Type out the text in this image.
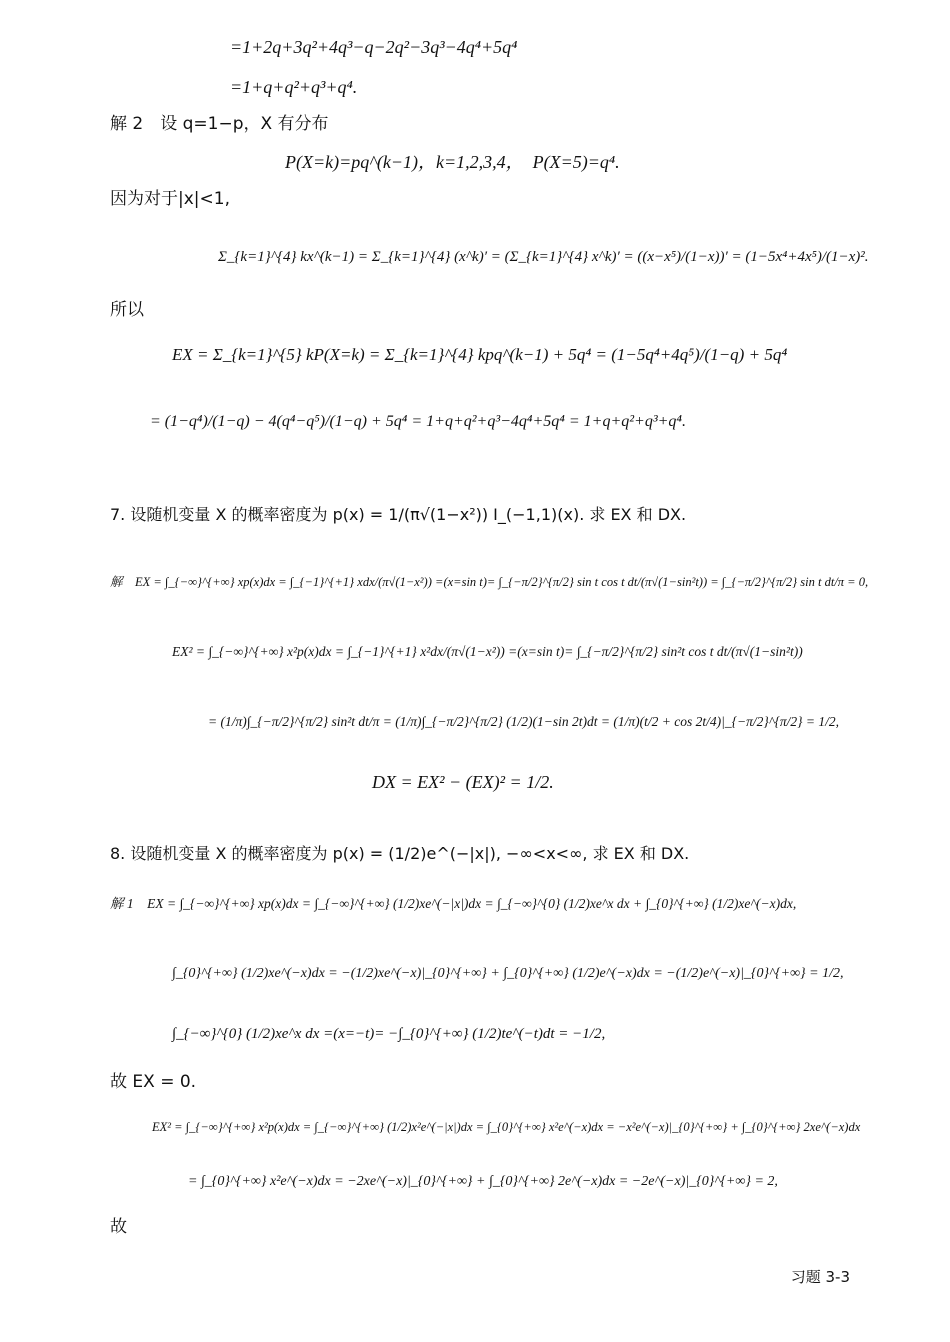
=1+2q+3q²+4q³−q−2q²−3q³−4q⁴+5q⁴
=1+q+q²+q³+q⁴.
解 2　设 q=1−p，X 有分布
P(X=k)=pq^(k−1)，k=1,2,3,4，　P(X=5)=q⁴.
因为对于|x|<1,
Σ_{k=1}^{4} kx^(k−1) = Σ_{k=1}^{4} (x^k)′ = (Σ_{k=1}^{4} x^k)′ = ((x−x⁵)/(1−x))′ = (1−5x⁴+4x⁵)/(1−x)².
所以
EX = Σ_{k=1}^{5} kP(X=k) = Σ_{k=1}^{4} kpq^(k−1) + 5q⁴ = (1−5q⁴+4q⁵)/(1−q) + 5q⁴
= (1−q⁴)/(1−q) − 4(q⁴−q⁵)/(1−q) + 5q⁴ = 1+q+q²+q³−4q⁴+5q⁴ = 1+q+q²+q³+q⁴.
7. 设随机变量 X 的概率密度为 p(x) = 1/(π√(1−x²)) I_(−1,1)(x). 求 EX 和 DX.
解　EX = ∫_{−∞}^{+∞} xp(x)dx = ∫_{−1}^{+1} xdx/(π√(1−x²)) =(x=sin t)= ∫_{−π/2}^{π/2} sin t cos t dt/(π√(1−sin²t)) = ∫_{−π/2}^{π/2} sin t dt/π = 0,
EX² = ∫_{−∞}^{+∞} x²p(x)dx = ∫_{−1}^{+1} x²dx/(π√(1−x²)) =(x=sin t)= ∫_{−π/2}^{π/2} sin²t cos t dt/(π√(1−sin²t))
= (1/π)∫_{−π/2}^{π/2} sin²t dt/π = (1/π)∫_{−π/2}^{π/2} (1/2)(1−sin 2t)dt = (1/π)(t/2 + cos 2t/4)|_{−π/2}^{π/2} = 1/2,
DX = EX² − (EX)² = 1/2.
8. 设随机变量 X 的概率密度为 p(x) = (1/2)e^(−|x|), −∞<x<∞, 求 EX 和 DX.
解 1　EX = ∫_{−∞}^{+∞} xp(x)dx = ∫_{−∞}^{+∞} (1/2)xe^(−|x|)dx = ∫_{−∞}^{0} (1/2)xe^x dx + ∫_{0}^{+∞} (1/2)xe^(−x)dx,
∫_{0}^{+∞} (1/2)xe^(−x)dx = −(1/2)xe^(−x)|_{0}^{+∞} + ∫_{0}^{+∞} (1/2)e^(−x)dx = −(1/2)e^(−x)|_{0}^{+∞} = 1/2,
∫_{−∞}^{0} (1/2)xe^x dx =(x=−t)= −∫_{0}^{+∞} (1/2)te^(−t)dt = −1/2,
故 EX = 0.
EX² = ∫_{−∞}^{+∞} x²p(x)dx = ∫_{−∞}^{+∞} (1/2)x²e^(−|x|)dx = ∫_{0}^{+∞} x²e^(−x)dx = −x²e^(−x)|_{0}^{+∞} + ∫_{0}^{+∞} 2xe^(−x)dx
= ∫_{0}^{+∞} x²e^(−x)dx = −2xe^(−x)|_{0}^{+∞} + ∫_{0}^{+∞} 2e^(−x)dx = −2e^(−x)|_{0}^{+∞} = 2,
故
习题 3-3
